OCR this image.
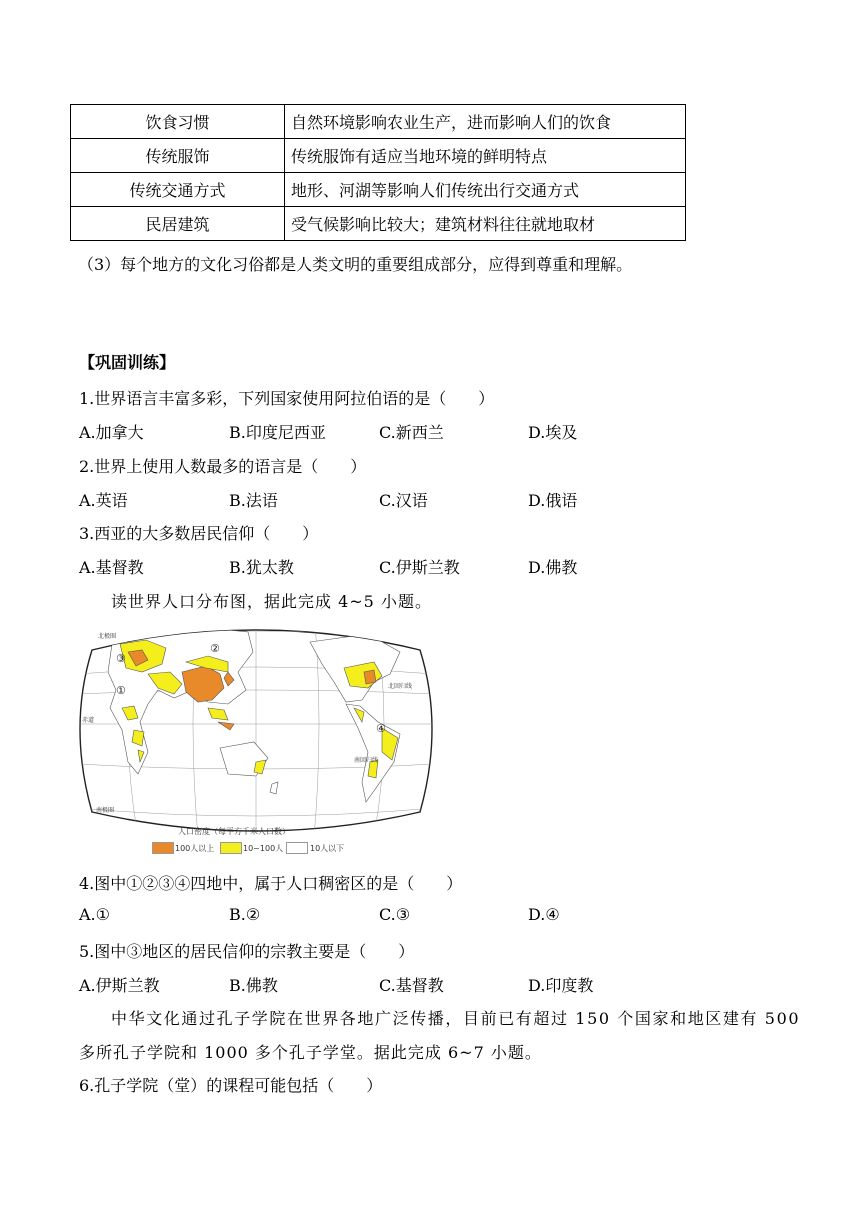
饮食习惯	自然环境影响农业生产，进而影响人们的饮食
传统服饰	传统服饰有适应当地环境的鲜明特点
传统交通方式	地形、河湖等影响人们传统出行交通方式
民居建筑	受气候影响比较大；建筑材料往往就地取材
（3）每个地方的文化习俗都是人类文明的重要组成部分，应得到尊重和理解。
【巩固训练】
1.世界语言丰富多彩，下列国家使用阿拉伯语的是（　　）
A.加拿大	B.印度尼西亚	C.新西兰	D.埃及
2.世界上使用人数最多的语言是（　　）
A.英语	B.法语	C.汉语	D.俄语
3.西亚的大多数居民信仰（　　）
A.基督教	B.犹太教	C.伊斯兰教	D.佛教
读世界人口分布图，据此完成 4~5 小题。
北极圈
北回归线
赤道
南回归线
南极圈
①
②
③
④
人口密度（每平方千米人口数）
100人以上	10~100人	10人以下
4.图中①②③④四地中，属于人口稠密区的是（　　）
A.①	B.②	C.③	D.④
5.图中③地区的居民信仰的宗教主要是（　　）
A.伊斯兰教	B.佛教	C.基督教	D.印度教
中华文化通过孔子学院在世界各地广泛传播，目前已有超过 150 个国家和地区建有 500
多所孔子学院和 1000 多个孔子学堂。据此完成 6~7 小题。
6.孔子学院（堂）的课程可能包括（　　）
